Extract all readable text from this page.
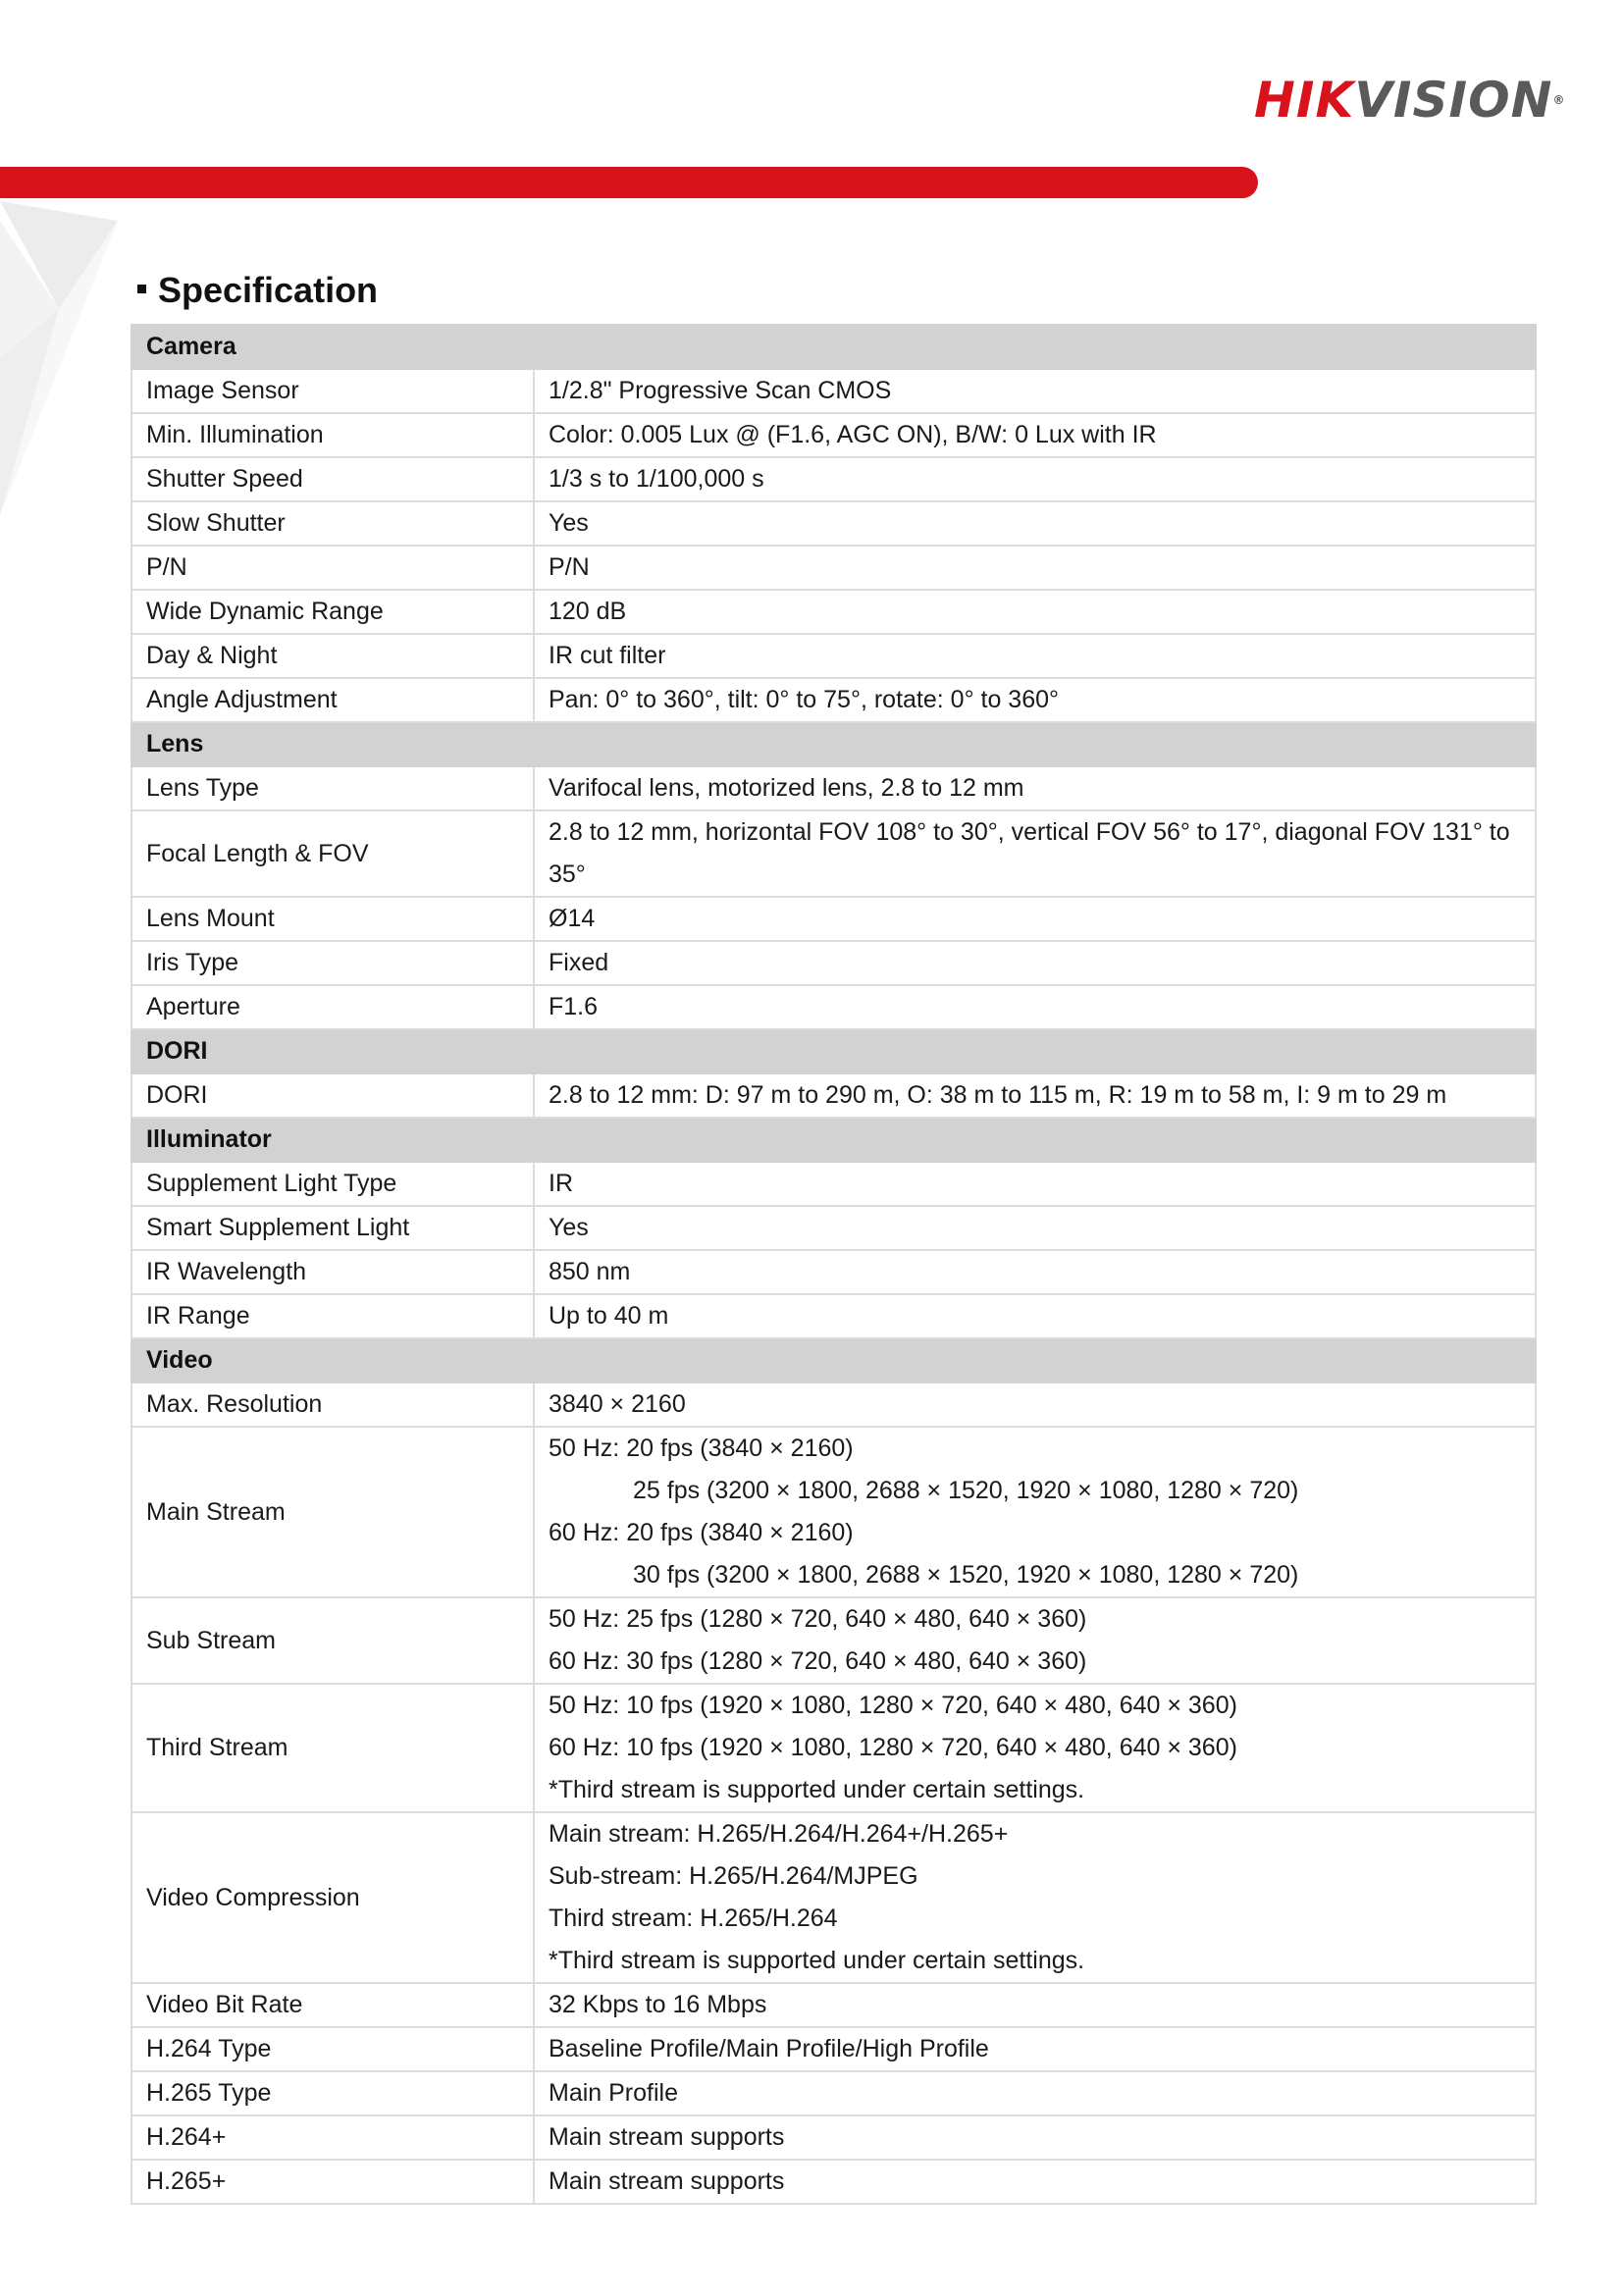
HIKVISION®
Specification
Camera	
Image Sensor	1/2.8" Progressive Scan CMOS
Min. Illumination	Color: 0.005 Lux @ (F1.6, AGC ON), B/W: 0 Lux with IR
Shutter Speed	1/3 s to 1/100,000 s
Slow Shutter	Yes
P/N	P/N
Wide Dynamic Range	120 dB
Day & Night	IR cut filter
Angle Adjustment	Pan: 0° to 360°, tilt: 0° to 75°, rotate: 0° to 360°
Lens	
Lens Type	Varifocal lens, motorized lens, 2.8 to 12 mm
Focal Length & FOV	2.8 to 12 mm, horizontal FOV 108° to 30°, vertical FOV 56° to 17°, diagonal FOV 131° to 35°
Lens Mount	Ø14
Iris Type	Fixed
Aperture	F1.6
DORI	
DORI	2.8 to 12 mm: D: 97 m to 290 m, O: 38 m to 115 m, R: 19 m to 58 m, I: 9 m to 29 m
Illuminator	
Supplement Light Type	IR
Smart Supplement Light	Yes
IR Wavelength	850 nm
IR Range	Up to 40 m
Video	
Max. Resolution	3840 × 2160
Main Stream	50 Hz: 20 fps (3840 × 2160)
25 fps (3200 × 1800, 2688 × 1520, 1920 × 1080, 1280 × 720)
60 Hz: 20 fps (3840 × 2160)
30 fps (3200 × 1800, 2688 × 1520, 1920 × 1080, 1280 × 720)

Sub Stream	50 Hz: 25 fps (1280 × 720, 640 × 480, 640 × 360)
60 Hz: 30 fps (1280 × 720, 640 × 480, 640 × 360)

Third Stream	50 Hz: 10 fps (1920 × 1080, 1280 × 720, 640 × 480, 640 × 360)
60 Hz: 10 fps (1920 × 1080, 1280 × 720, 640 × 480, 640 × 360)
*Third stream is supported under certain settings.

Video Compression	Main stream: H.265/H.264/H.264+/H.265+
Sub-stream: H.265/H.264/MJPEG
Third stream: H.265/H.264
*Third stream is supported under certain settings.

Video Bit Rate	32 Kbps to 16 Mbps
H.264 Type	Baseline Profile/Main Profile/High Profile
H.265 Type	Main Profile
H.264+	Main stream supports
H.265+	Main stream supports
